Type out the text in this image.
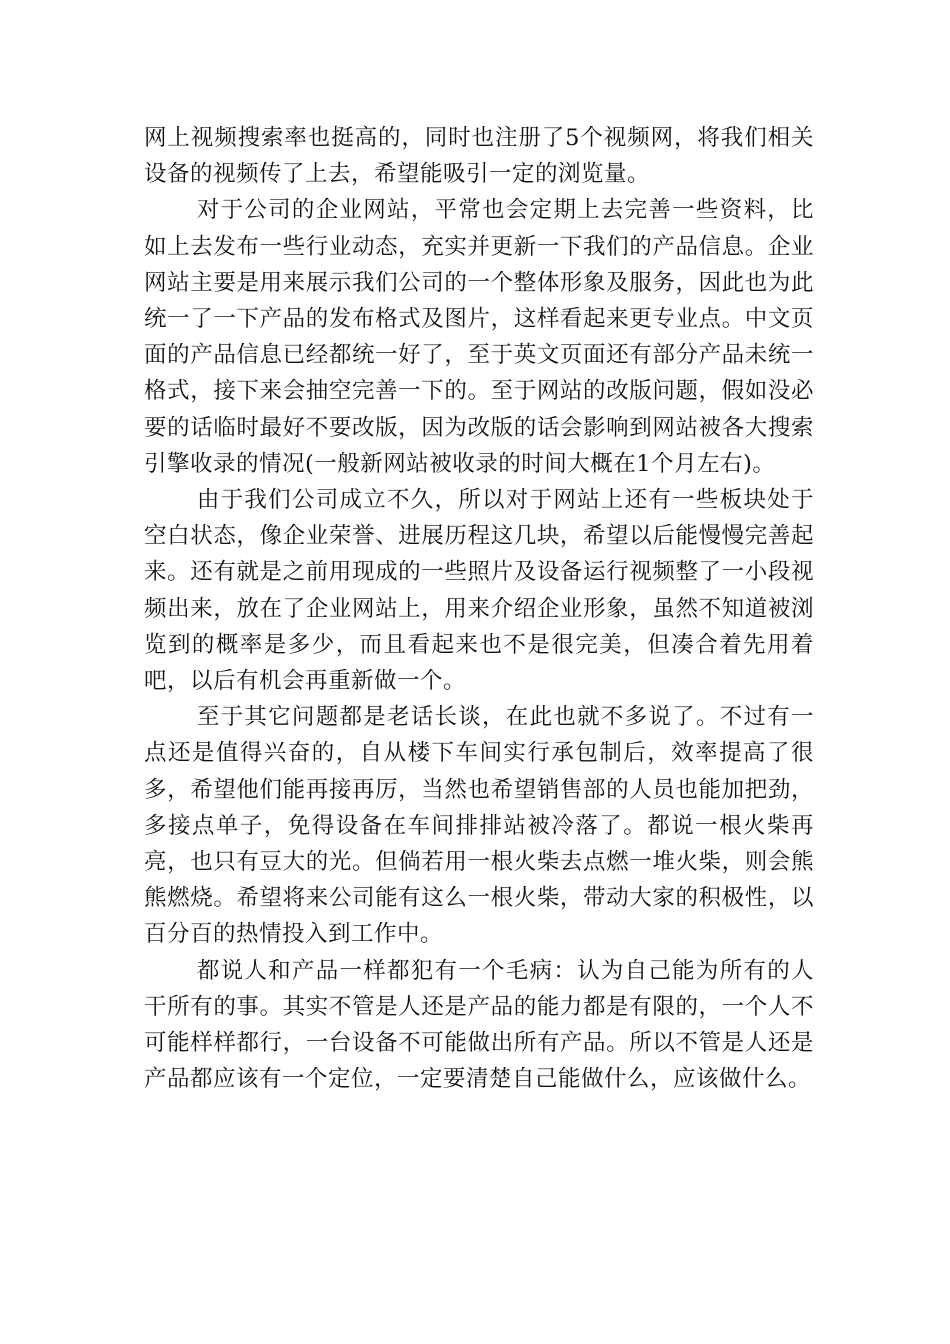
网上视频搜索率也挺高的，同时也注册了5个视频网，将我们相关设备的视频传了上去，希望能吸引一定的浏览量。

对于公司的企业网站，平常也会定期上去完善一些资料，比如上去发布一些行业动态，充实并更新一下我们的产品信息。企业网站主要是用来展示我们公司的一个整体形象及服务，因此也为此统一了一下产品的发布格式及图片，这样看起来更专业点。中文页面的产品信息已经都统一好了，至于英文页面还有部分产品未统一格式，接下来会抽空完善一下的。至于网站的改版问题，假如没必要的话临时最好不要改版，因为改版的话会影响到网站被各大搜索引擎收录的情况(一般新网站被收录的时间大概在1个月左右)。

由于我们公司成立不久，所以对于网站上还有一些板块处于空白状态，像企业荣誉、进展历程这几块，希望以后能慢慢完善起来。还有就是之前用现成的一些照片及设备运行视频整了一小段视频出来，放在了企业网站上，用来介绍企业形象，虽然不知道被浏览到的概率是多少，而且看起来也不是很完美，但凑合着先用着吧，以后有机会再重新做一个。

至于其它问题都是老话长谈，在此也就不多说了。不过有一点还是值得兴奋的，自从楼下车间实行承包制后，效率提高了很多，希望他们能再接再厉，当然也希望销售部的人员也能加把劲，多接点单子，免得设备在车间排排站被冷落了。都说一根火柴再亮，也只有豆大的光。但倘若用一根火柴去点燃一堆火柴，则会熊熊燃烧。希望将来公司能有这么一根火柴，带动大家的积极性，以百分百的热情投入到工作中。

都说人和产品一样都犯有一个毛病：认为自己能为所有的人干所有的事。其实不管是人还是产品的能力都是有限的，一个人不可能样样都行，一台设备不可能做出所有产品。所以不管是人还是产品都应该有一个定位，一定要清楚自己能做什么，应该做什么。
